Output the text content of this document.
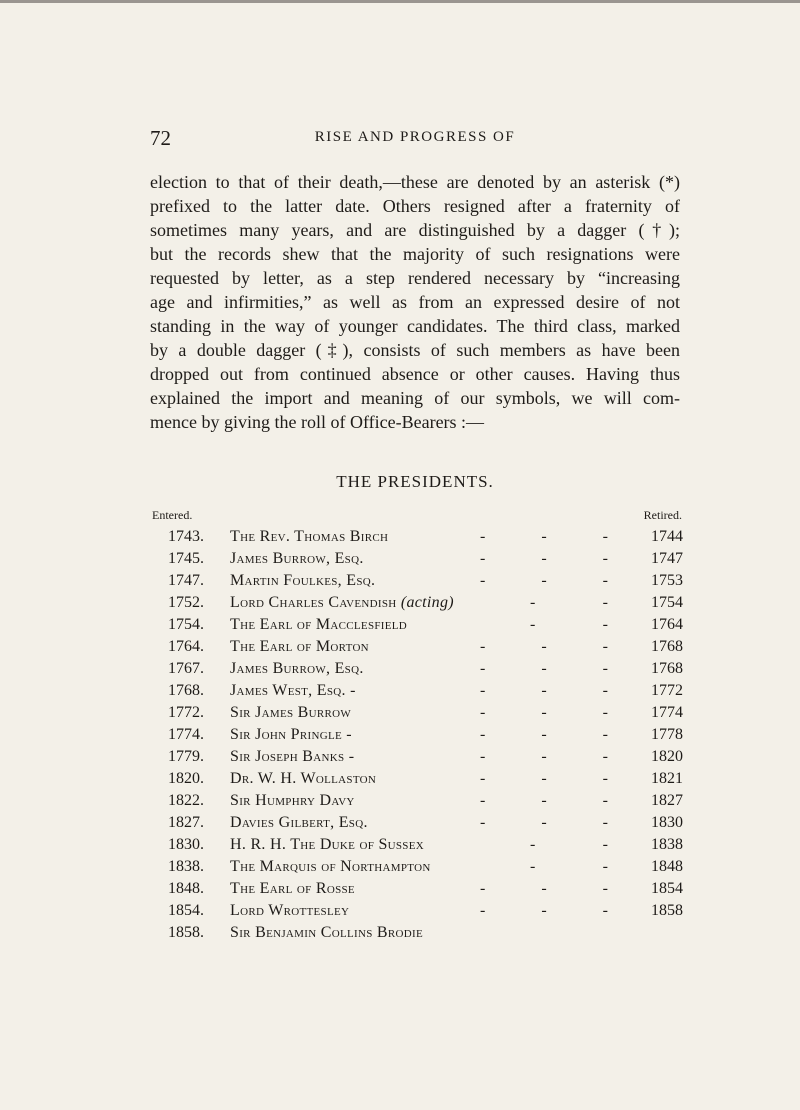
72	RISE AND PROGRESS OF
election to that of their death,—these are denoted by an asterisk (*)
prefixed to the latter date. Others resigned after a fraternity of
sometimes many years, and are distinguished by a dagger (†);
but the records shew that the majority of such resignations were
requested by letter, as a step rendered necessary by “increasing
age and infirmities,” as well as from an expressed desire of not
standing in the way of younger candidates. The third class, marked
by a double dagger (‡), consists of such members as have been
dropped out from continued absence or other causes. Having thus
explained the import and meaning of our symbols, we will com-
mence by giving the roll of Office-Bearers :—
THE PRESIDENTS.
Entered.	Retired.
1743. The Rev. Thomas Birch	-	-	-	1744
1745. James Burrow, Esq.	-	-	-	1747
1747. Martin Foulkes, Esq.	-	-	-	1753
1752. Lord Charles Cavendish (acting)	-	-	1754
1754. The Earl of Macclesfield	-	-	1764
1764. The Earl of Morton	-	-	-	1768
1767. James Burrow, Esq.	-	-	-	1768
1768. James West, Esq. -	-	-	-	1772
1772. Sir James Burrow	-	-	-	1774
1774. Sir John Pringle -	-	-	-	1778
1779. Sir Joseph Banks -	-	-	-	1820
1820. Dr. W. H. Wollaston	-	-	-	1821
1822. Sir Humphry Davy	-	-	-	1827
1827. Davies Gilbert, Esq.	-	-	-	1830
1830. H. R. H. The Duke of Sussex	-	-	1838
1838. The Marquis of Northampton	-	-	1848
1848. The Earl of Rosse	-	-	-	1854
1854. Lord Wrottesley	-	-	-	1858
1858. Sir Benjamin Collins Brodie
